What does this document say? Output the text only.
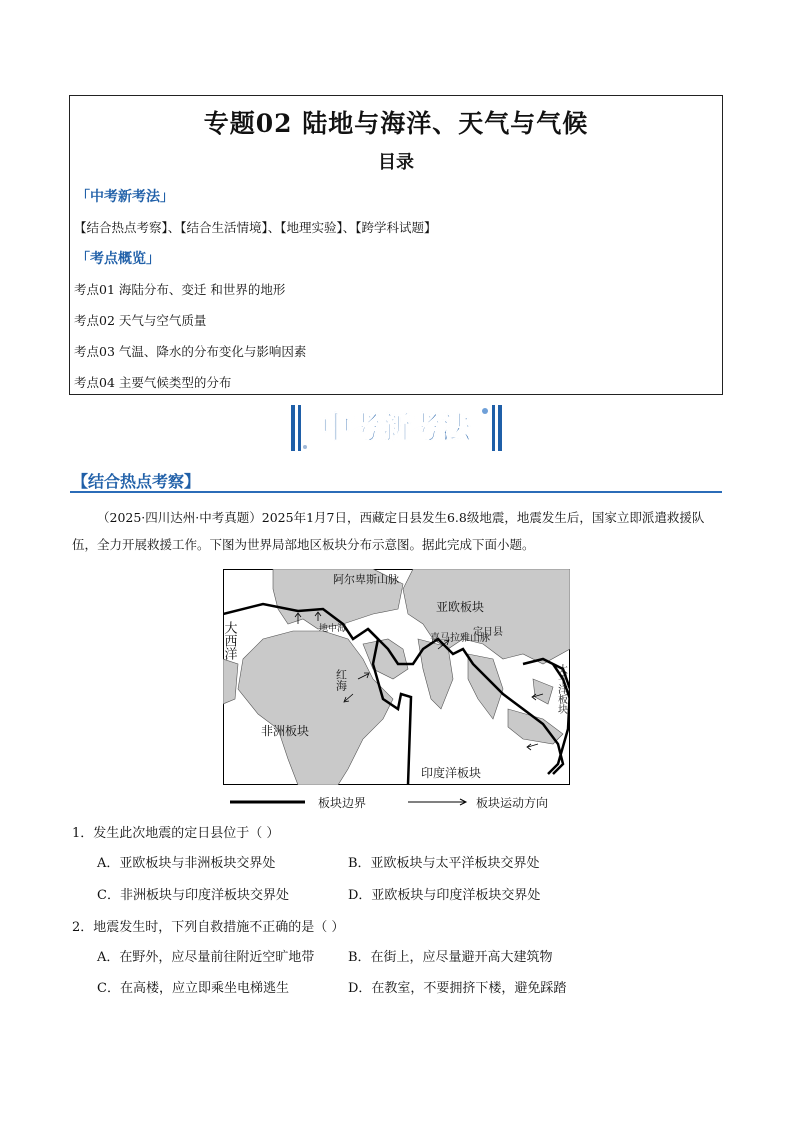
专题02 陆地与海洋、天气与气候
目录
「中考新考法」
【结合热点考察】、【结合生活情境】、【地理实验】、【跨学科试题】
「考点概览」
考点01 海陆分布、变迁 和世界的地形
考点02 天气与空气质量
考点03 气温、降水的分布变化与影响因素
考点04 主要气候类型的分布
中考新考法
【结合热点考察】
（2025·四川达州·中考真题）2025年1月7日，西藏定日县发生6.8级地震，地震发生后，国家立即派遣救援队伍，全力开展救援工作。下图为世界局部地区板块分布示意图。据此完成下面小题。
阿尔卑斯山脉
亚欧板块
大西洋	地中海
喜马拉雅山脉
定日县
红海	太平洋板块
非洲板块
印度洋板块
板块边界	板块运动方向
1．发生此次地震的定日县位于（ ）
A．亚欧板块与非洲板块交界处	B．亚欧板块与太平洋板块交界处
C．非洲板块与印度洋板块交界处	D．亚欧板块与印度洋板块交界处
2．地震发生时，下列自救措施不正确的是（ ）
A．在野外，应尽量前往附近空旷地带	B．在街上，应尽量避开高大建筑物
C．在高楼，应立即乘坐电梯逃生	D．在教室，不要拥挤下楼，避免踩踏
